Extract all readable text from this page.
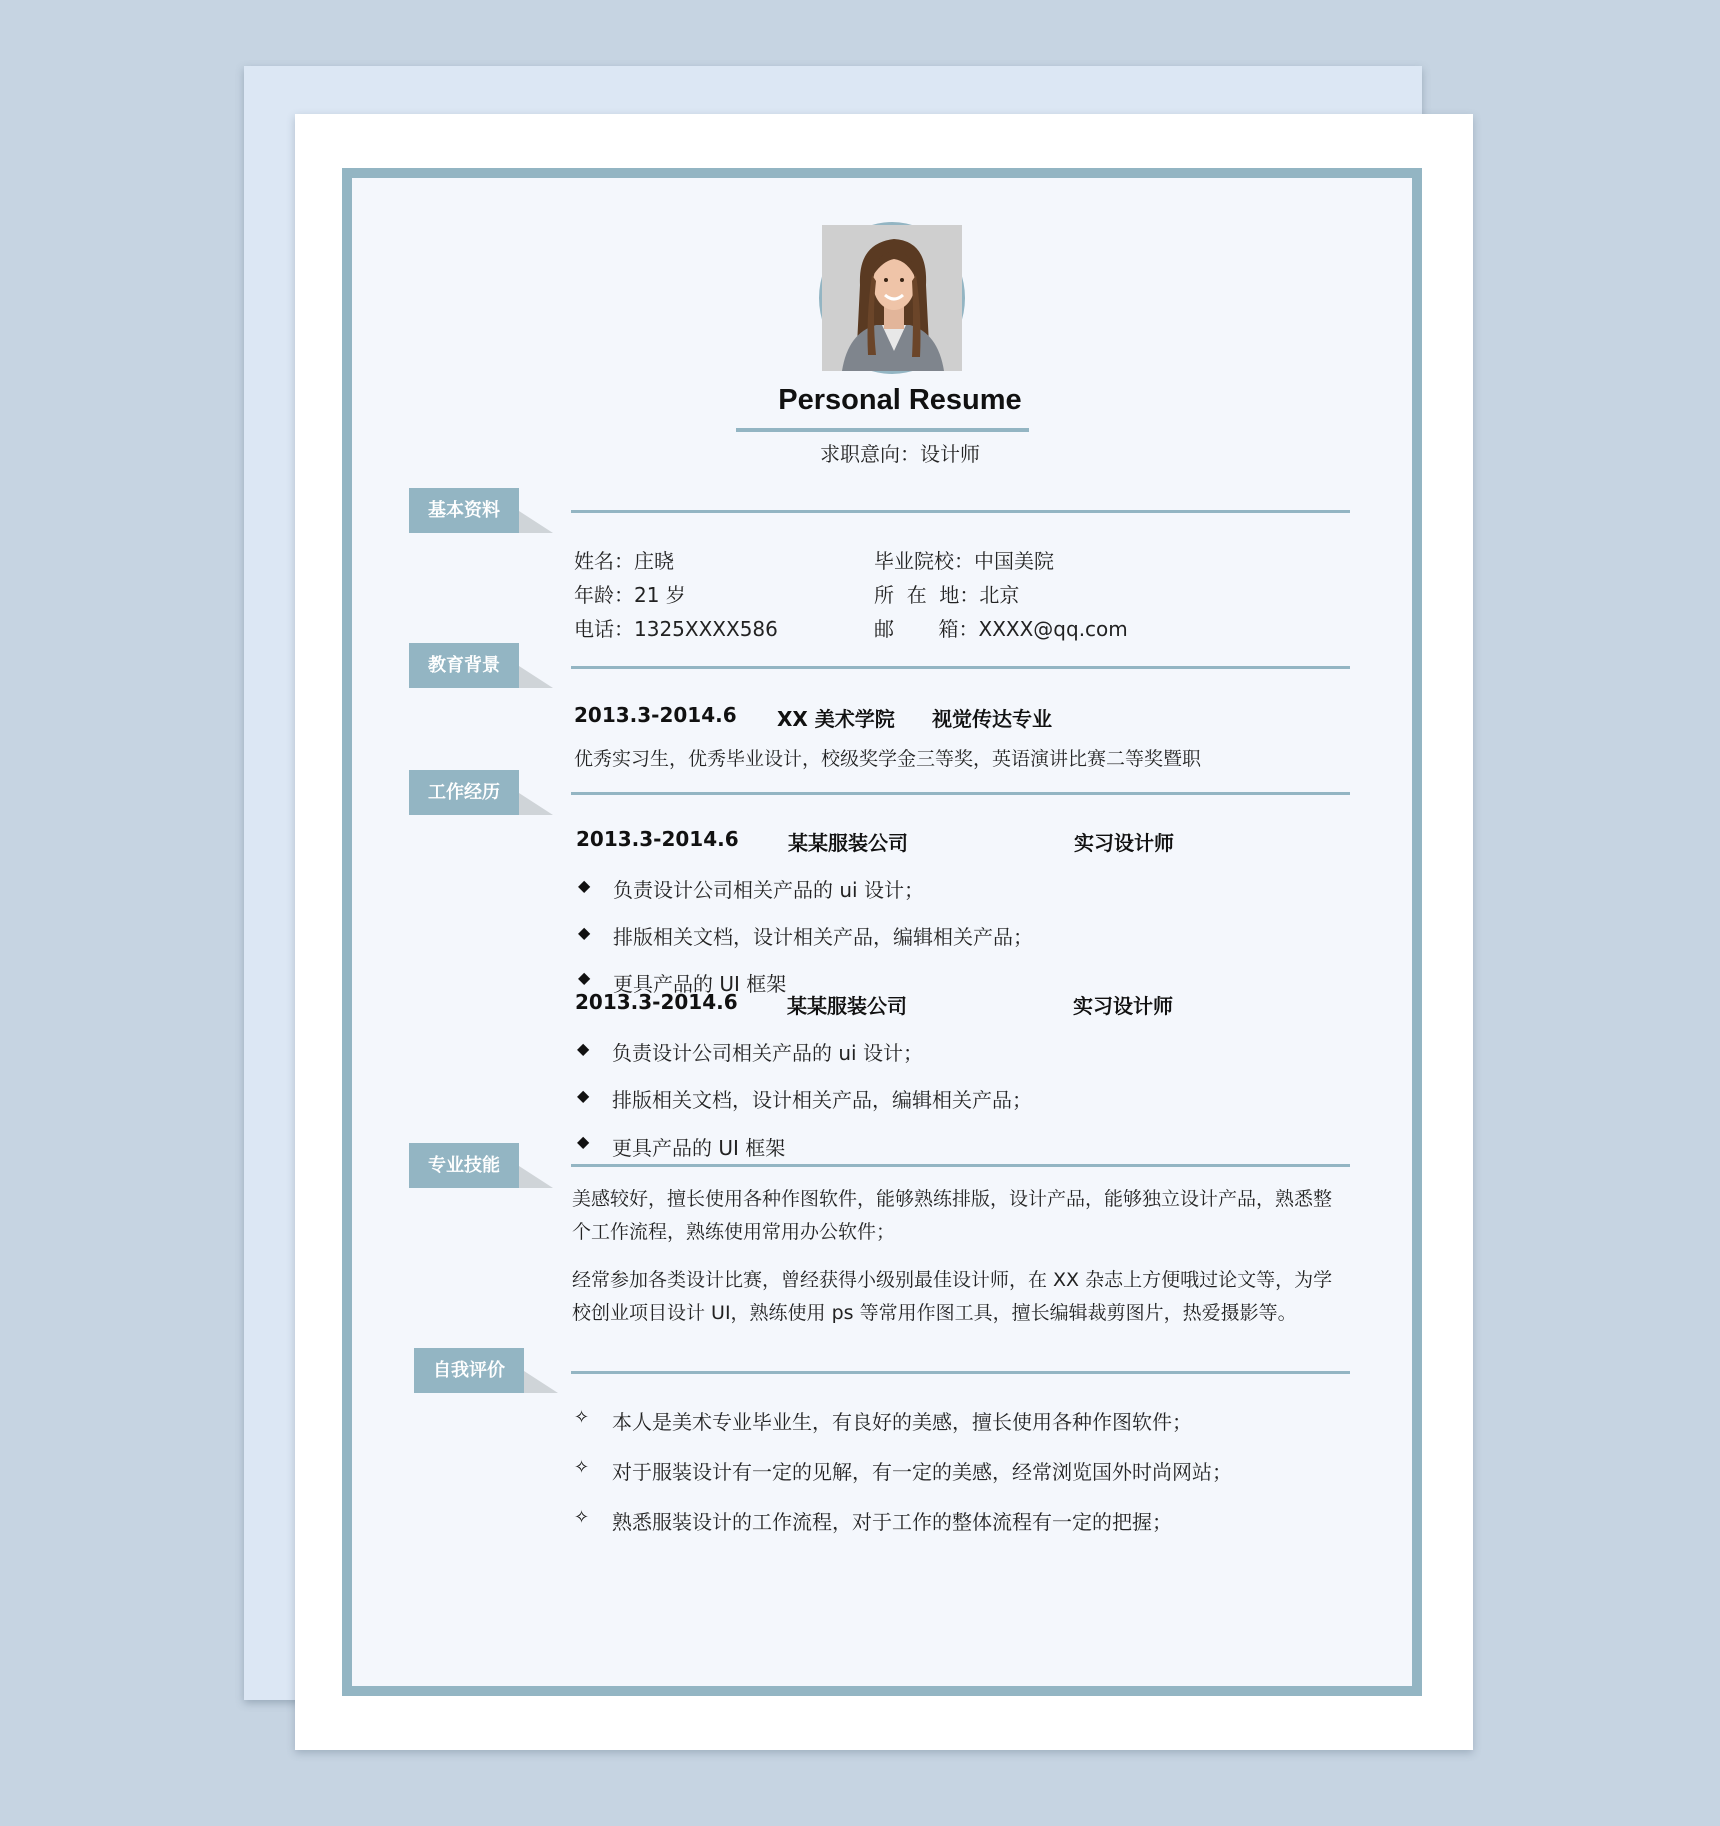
Personal Resume
求职意向：设计师
基本资料
姓名：庄晓
年龄：21 岁
电话：1325XXXX586
毕业院校：中国美院
所  在  地：北京
邮       箱：XXXX@qq.com
教育背景
2013.3-2014.6 XX 美术学院 视觉传达专业
优秀实习生，优秀毕业设计，校级奖学金三等奖，英语演讲比赛二等奖暨职
工作经历
2013.3-2014.6 某某服装公司	实习设计师
◆ 负责设计公司相关产品的 ui 设计；
◆ 排版相关文档，设计相关产品，编辑相关产品；
◆ 更具产品的 UI 框架
2013.3-2014.6 某某服装公司	实习设计师
◆ 负责设计公司相关产品的 ui 设计；
◆ 排版相关文档，设计相关产品，编辑相关产品；
◆ 更具产品的 UI 框架
专业技能
美感较好，擅长使用各种作图软件，能够熟练排版，设计产品，能够独立设计产品，熟悉整个工作流程，熟练使用常用办公软件；
经常参加各类设计比赛，曾经获得小级别最佳设计师，在 XX 杂志上方便哦过论文等，为学校创业项目设计 UI，熟练使用 ps 等常用作图工具，擅长编辑裁剪图片，热爱摄影等。
自我评价
✧ 本人是美术专业毕业生，有良好的美感，擅长使用各种作图软件；
✧ 对于服装设计有一定的见解，有一定的美感，经常浏览国外时尚网站；
✧ 熟悉服装设计的工作流程，对于工作的整体流程有一定的把握；
